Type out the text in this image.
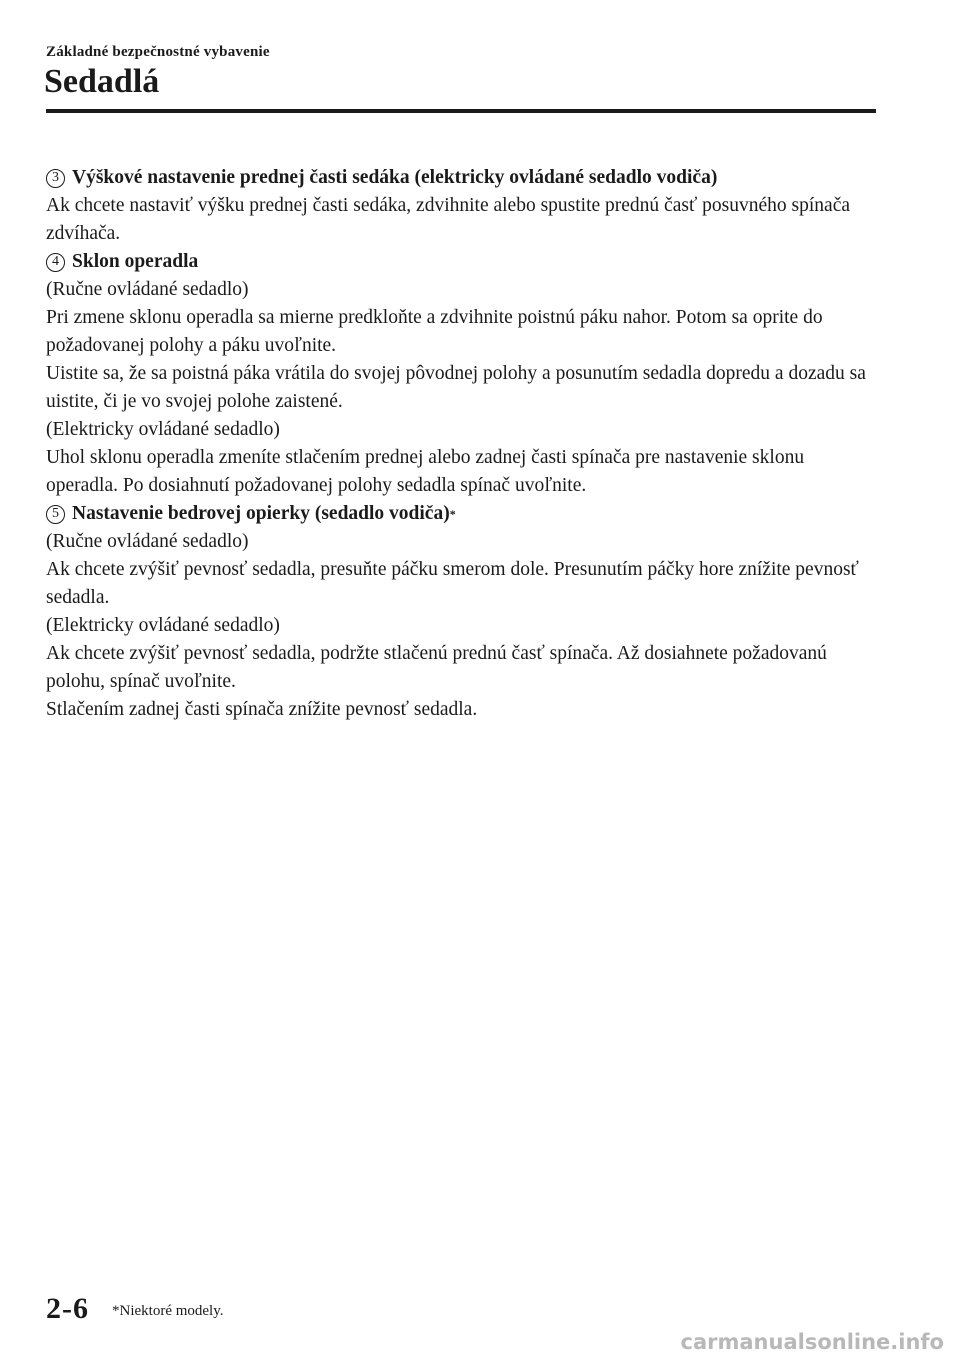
Základné bezpečnostné vybavenie
Sedadlá

3 Výškové nastavenie prednej časti sedáka (elektricky ovládané sedadlo vodiča)

Ak chcete nastaviť výšku prednej časti sedáka, zdvihnite alebo spustite prednú časť posuvného spínača zdvíhača.

4 Sklon operadla

(Ručne ovládané sedadlo)

Pri zmene sklonu operadla sa mierne predkloňte a zdvihnite poistnú páku nahor. Potom sa oprite do požadovanej polohy a páku uvoľnite.

Uistite sa, že sa poistná páka vrátila do svojej pôvodnej polohy a posunutím sedadla dopredu a dozadu sa uistite, či je vo svojej polohe zaistené.

(Elektricky ovládané sedadlo)

Uhol sklonu operadla zmeníte stlačením prednej alebo zadnej časti spínača pre nastavenie sklonu operadla. Po dosiahnutí požadovanej polohy sedadla spínač uvoľnite.

5 Nastavenie bedrovej opierky (sedadlo vodiča) *

(Ručne ovládané sedadlo)

Ak chcete zvýšiť pevnosť sedadla, presuňte páčku smerom dole. Presunutím páčky hore znížite pevnosť sedadla.

(Elektricky ovládané sedadlo)

Ak chcete zvýšiť pevnosť sedadla, podržte stlačenú prednú časť spínača. Až dosiahnete požadovanú polohu, spínač uvoľnite.

Stlačením zadnej časti spínača znížite pevnosť sedadla.

2-6 *Niektoré modely.
carmanualsonline.info
